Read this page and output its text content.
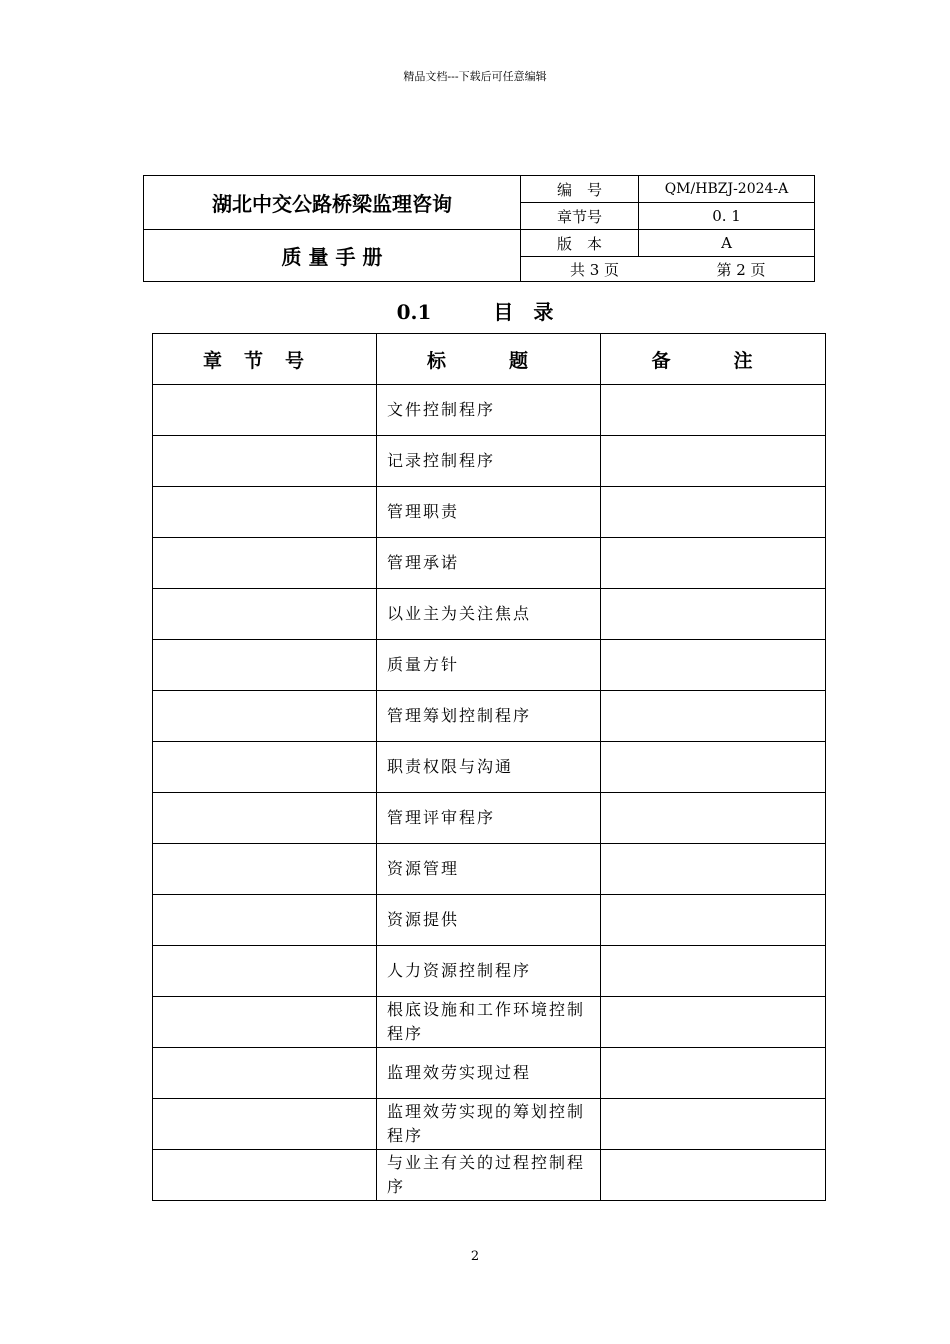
精品文档---下载后可任意编辑
湖北中交公路桥梁监理咨询
质 量 手 册
编　号	QM/HBZJ-2024-A
章节号	0. 1
版　本	A
共 3 页	第 2 页
0.1	目　录
章节号	标　题	备　注
	文件控制程序	
	记录控制程序	
	管理职责	
	管理承诺	
	以业主为关注焦点	
	质量方针	
	管理筹划控制程序	
	职责权限与沟通	
	管理评审程序	
	资源管理	
	资源提供	
	人力资源控制程序	
	根底设施和工作环境控制程序	
	监理效劳实现过程	
	监理效劳实现的筹划控制程序	
	与业主有关的过程控制程序	
2
